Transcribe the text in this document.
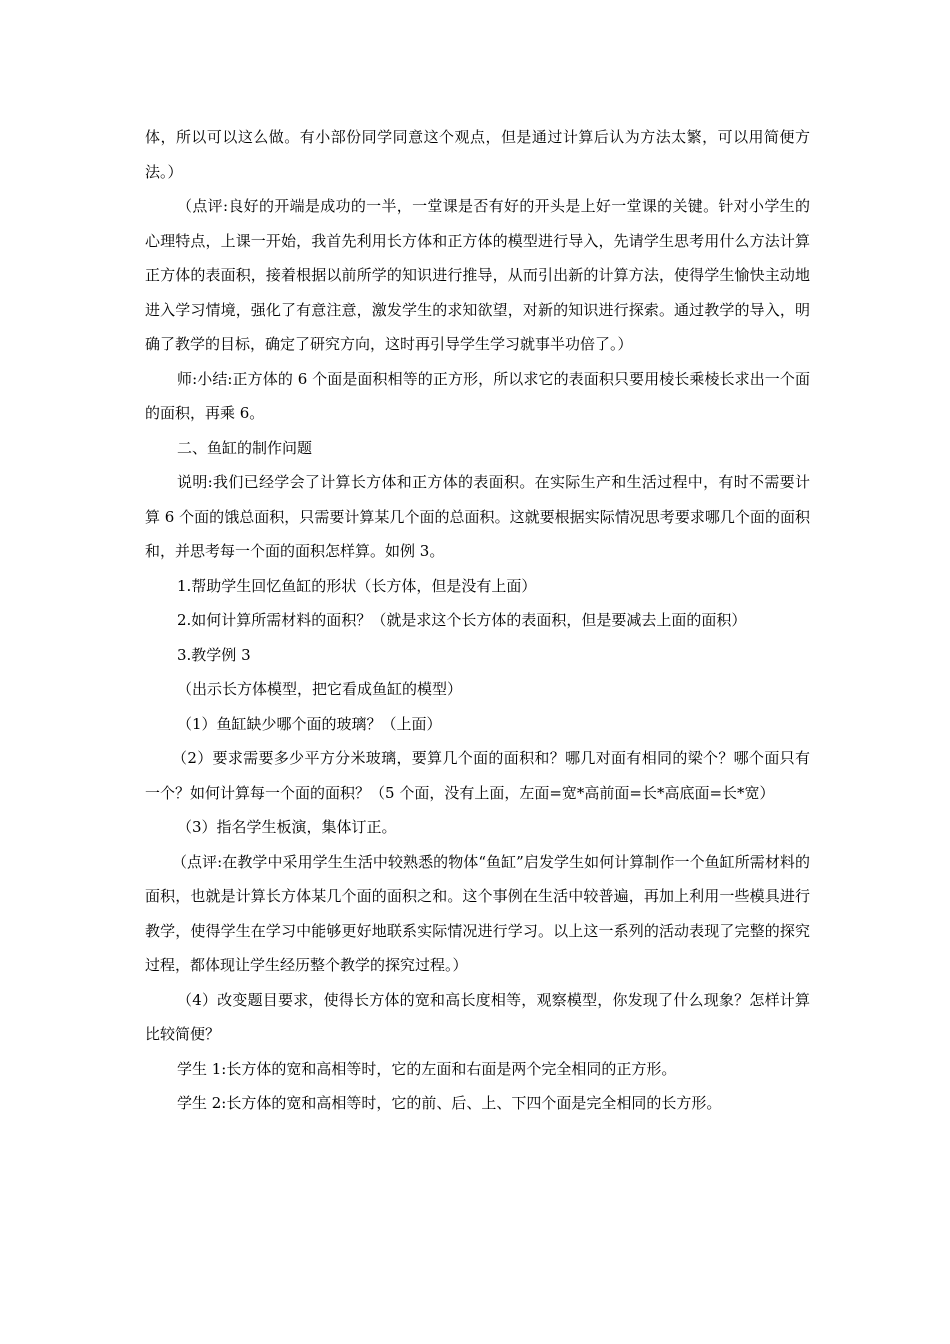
体，所以可以这么做。有小部份同学同意这个观点，但是通过计算后认为方法太繁，可以用简便方法。）

（点评:良好的开端是成功的一半，一堂课是否有好的开头是上好一堂课的关键。针对小学生的心理特点，上课一开始，我首先利用长方体和正方体的模型进行导入，先请学生思考用什么方法计算正方体的表面积，接着根据以前所学的知识进行推导，从而引出新的计算方法，使得学生愉快主动地进入学习情境，强化了有意注意，激发学生的求知欲望，对新的知识进行探索。通过教学的导入，明确了教学的目标，确定了研究方向，这时再引导学生学习就事半功倍了。）

师:小结:正方体的 6 个面是面积相等的正方形，所以求它的表面积只要用棱长乘棱长求出一个面的面积，再乘 6。

二、鱼缸的制作问题

说明:我们已经学会了计算长方体和正方体的表面积。在实际生产和生活过程中，有时不需要计算 6 个面的饿总面积，只需要计算某几个面的总面积。这就要根据实际情况思考要求哪几个面的面积和，并思考每一个面的面积怎样算。如例 3。

1.帮助学生回忆鱼缸的形状（长方体，但是没有上面）

2.如何计算所需材料的面积？（就是求这个长方体的表面积，但是要减去上面的面积）

3.教学例 3

（出示长方体模型，把它看成鱼缸的模型）

（1）鱼缸缺少哪个面的玻璃？（上面）

（2）要求需要多少平方分米玻璃，要算几个面的面积和？哪几对面有相同的梁个？哪个面只有一个？如何计算每一个面的面积？（5 个面，没有上面，左面=宽*高前面=长*高底面=长*宽）

（3）指名学生板演，集体订正。

（点评:在教学中采用学生生活中较熟悉的物体“鱼缸”启发学生如何计算制作一个鱼缸所需材料的面积，也就是计算长方体某几个面的面积之和。这个事例在生活中较普遍，再加上利用一些模具进行教学，使得学生在学习中能够更好地联系实际情况进行学习。以上这一系列的活动表现了完整的探究过程，都体现让学生经历整个教学的探究过程。）

（4）改变题目要求，使得长方体的宽和高长度相等，观察模型，你发现了什么现象？怎样计算比较简便？

学生 1:长方体的宽和高相等时，它的左面和右面是两个完全相同的正方形。

学生 2:长方体的宽和高相等时，它的前、后、上、下四个面是完全相同的长方形。
